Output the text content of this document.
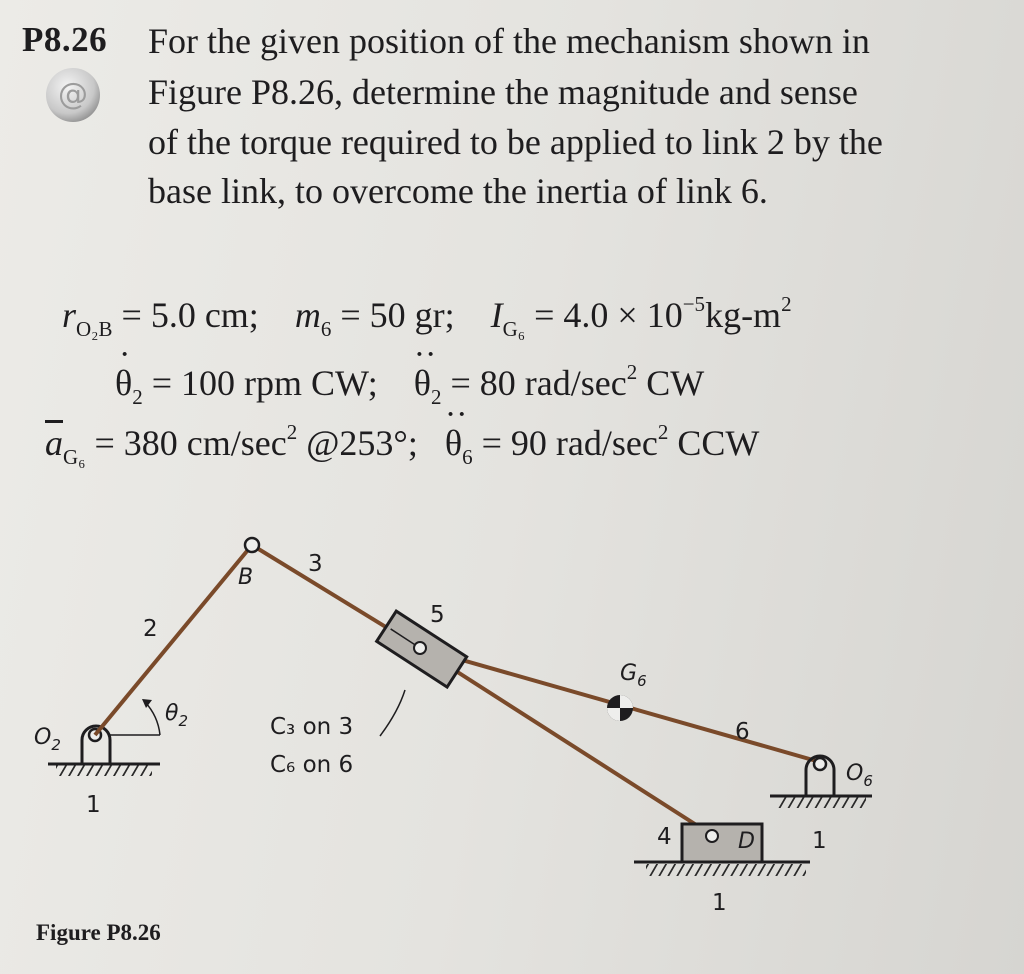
P8.26
@
For the given position of the mechanism shown in
Figure P8.26, determine the magnitude and sense
of the torque required to be applied to link 2 by the
base link, to overcome the inertia of link 6.
$r_{O_2B} = 5.0$ cm; $m_6 = 50$ gr; $I_{G_6} = 4.0 \times 10^{-5}kg-m^2$
· $\theta_2 = 100$ rpm CW; ·· $\theta_2 = 80$ rad/$\sec^2$ CW
$\overline{a}_{G_6} = 380$ $cm/\sec^2$ @253°; ·· $\theta_6 = 90$ rad/$\sec^2$ CCW
2
3
5
6
4
1
1
1
B
$G_6$
$O_2$
$O_6$
D
$\theta_2$	C₃ on 3
C₆ on 6
Figure P8.26
